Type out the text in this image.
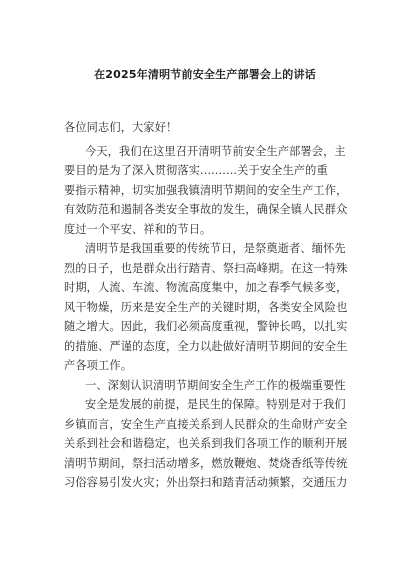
在2025年清明节前安全生产部署会上的讲话
各位同志们，大家好！
今天，我们在这里召开清明节前安全生产部署会，主
要目的是为了深入贯彻落实..........关于安全生产的重
要指示精神，切实加强我镇清明节期间的安全生产工作，
有效防范和遏制各类安全事故的发生，确保全镇人民群众
度过一个平安、祥和的节日。
清明节是我国重要的传统节日，是祭奠逝者、缅怀先
烈的日子，也是群众出行踏青、祭扫高峰期。在这一特殊
时期，人流、车流、物流高度集中，加之春季气候多变，
风干物燥，历来是安全生产的关键时期，各类安全风险也
随之增大。因此，我们必须高度重视，警钟长鸣，以扎实
的措施、严谨的态度，全力以赴做好清明节期间的安全生
产各项工作。
一、深刻认识清明节期间安全生产工作的极端重要性
安全是发展的前提，是民生的保障。特别是对于我们
乡镇而言，安全生产直接关系到人民群众的生命财产安全
关系到社会和谐稳定，也关系到我们各项工作的顺利开展
清明节期间，祭扫活动增多，燃放鞭炮、焚烧香纸等传统
习俗容易引发火灾；外出祭扫和踏青活动频繁，交通压力
